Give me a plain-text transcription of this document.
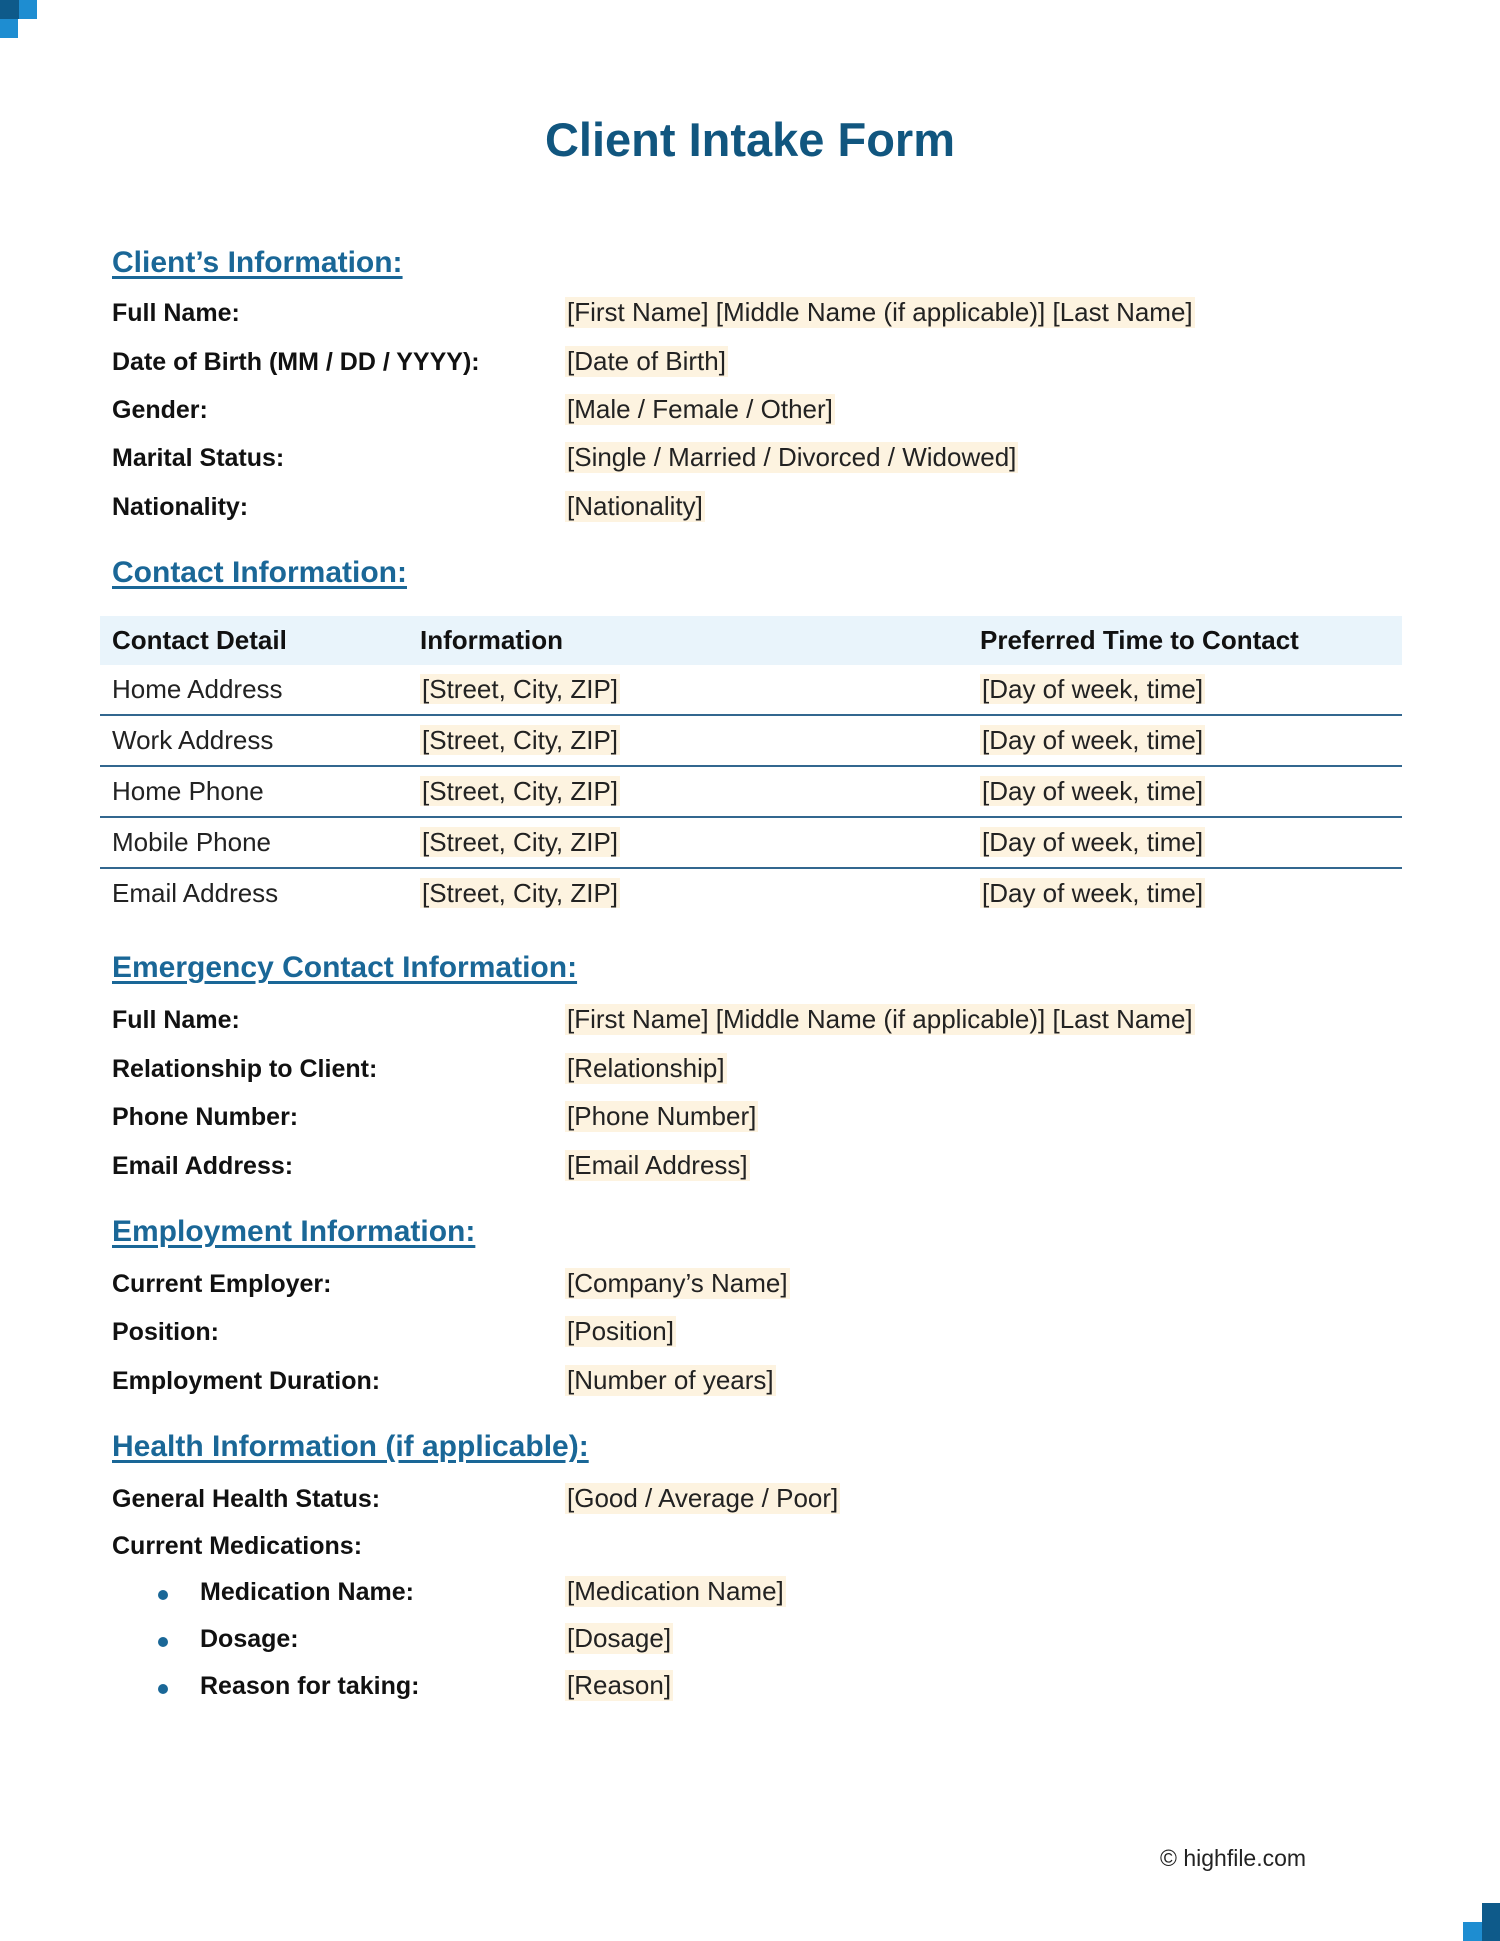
Client Intake Form
Client’s Information:
Full Name:	[First Name] [Middle Name (if applicable)] [Last Name]
Date of Birth (MM / DD / YYYY):	[Date of Birth]
Gender:	[Male / Female / Other]
Marital Status:	[Single / Married / Divorced / Widowed]
Nationality:	[Nationality]
Contact Information:
Contact Detail	Information	Preferred Time to Contact
Home Address	[Street, City, ZIP]	[Day of week, time]
Work Address	[Street, City, ZIP]	[Day of week, time]
Home Phone	[Street, City, ZIP]	[Day of week, time]
Mobile Phone	[Street, City, ZIP]	[Day of week, time]
Email Address	[Street, City, ZIP]	[Day of week, time]
Emergency Contact Information:
Full Name:	[First Name] [Middle Name (if applicable)] [Last Name]
Relationship to Client:	[Relationship]
Phone Number:	[Phone Number]
Email Address:	[Email Address]
Employment Information:
Current Employer:	[Company’s Name]
Position:	[Position]
Employment Duration:	[Number of years]
Health Information (if applicable):
General Health Status:	[Good / Average / Poor]
Current Medications:
Medication Name:	[Medication Name]
Dosage:	[Dosage]
Reason for taking:	[Reason]
© highfile.com
